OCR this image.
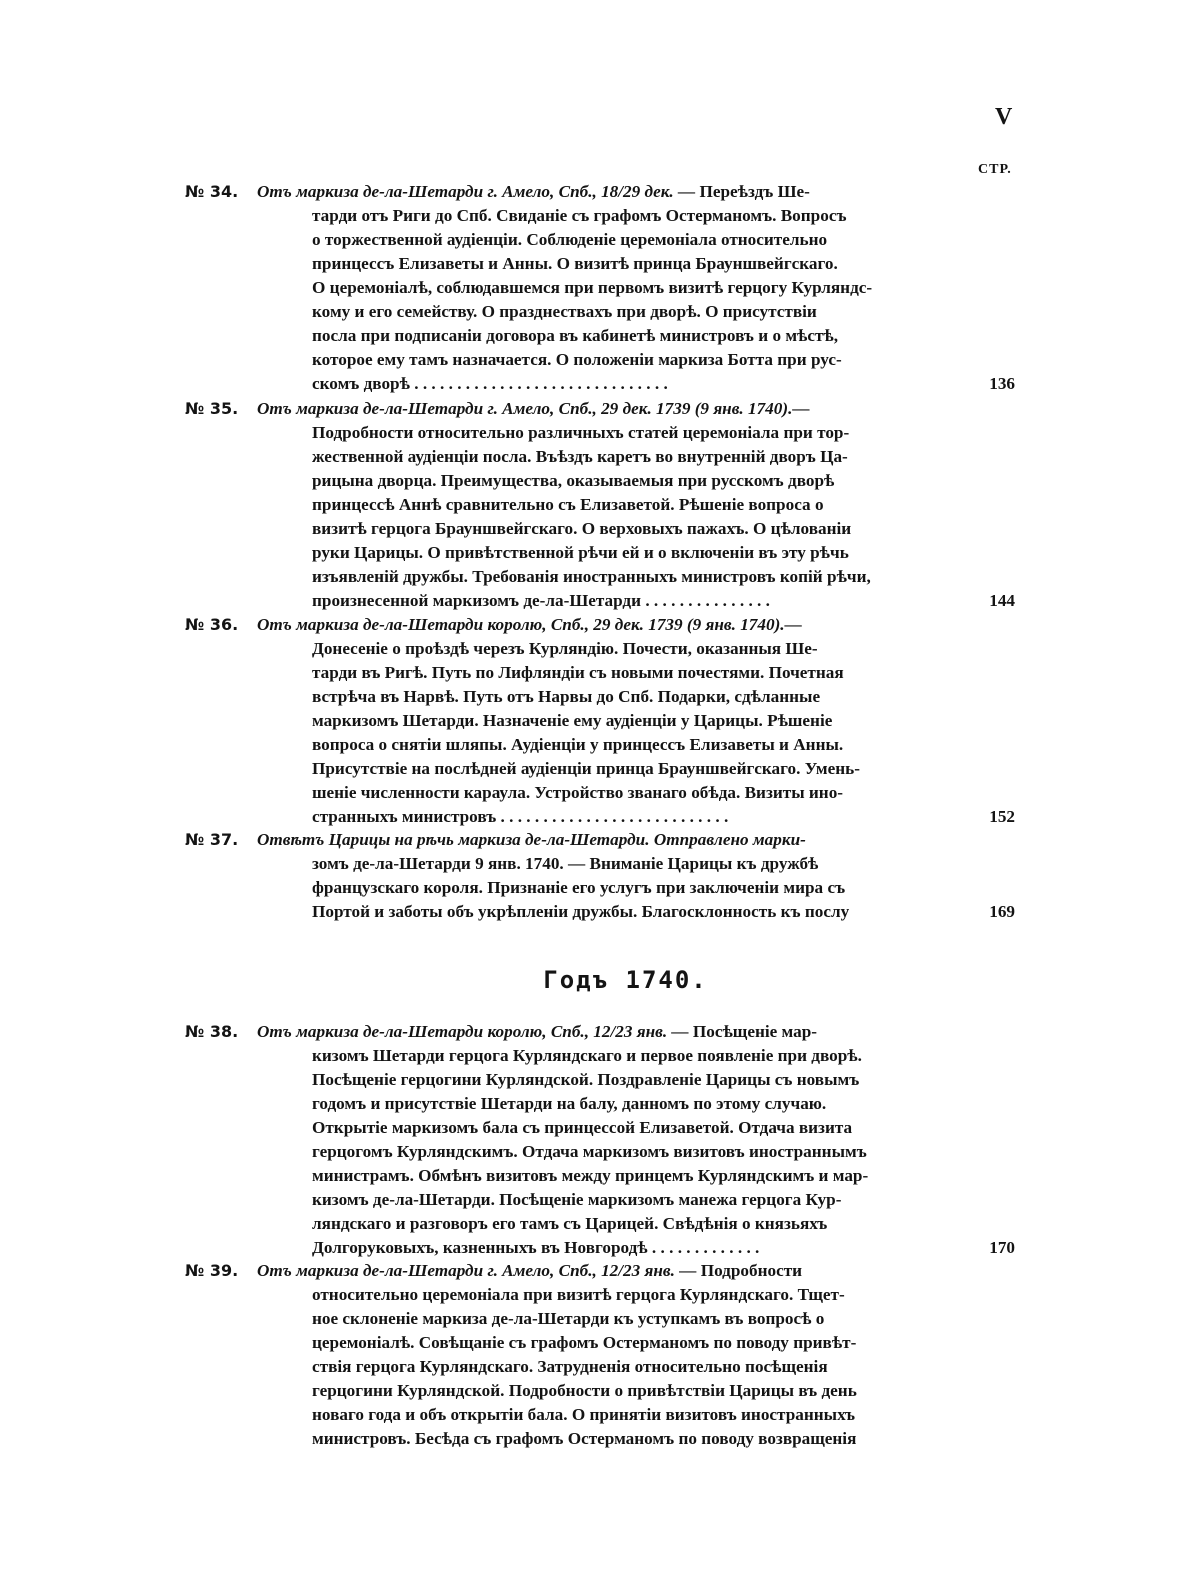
V
СТР.
№ 34. Отъ маркиза де-ла-Шетарди г. Амело, Спб., 18/29 дек. — Переѣздъ Ше-
тарди отъ Риги до Спб. Свиданіе съ графомъ Остерманомъ. Вопросъ
о торжественной аудіенціи. Соблюденіе церемоніала относительно
принцессъ Елизаветы и Анны. О визитѣ принца Брауншвейгскаго.
О церемоніалѣ, соблюдавшемся при первомъ визитѣ герцогу Курляндс-
кому и его семейству. О празднествахъ при дворѣ. О присутствіи
посла при подписаніи договора въ кабинетѣ министровъ и о мѣстѣ,
которое ему тамъ назначается. О положеніи маркиза Ботта при рус-
скомъ дворѣ . . . . . . . . . . . . . . . . . . . . . . . . . . . . . .	136
№ 35. Отъ маркиза де-ла-Шетарди г. Амело, Спб., 29 дек. 1739 (9 янв. 1740).—
Подробности относительно различныхъ статей церемоніала при тор-
жественной аудіенціи посла. Въѣздъ каретъ во внутренній дворъ Ца-
рицына дворца. Преимущества, оказываемыя при русскомъ дворѣ
принцессѣ Аннѣ сравнительно съ Елизаветой. Рѣшеніе вопроса о
визитѣ герцога Брауншвейгскаго. О верховыхъ пажахъ. О цѣлованіи
руки Царицы. О привѣтственной рѣчи ей и о включеніи въ эту рѣчь
изъявленій дружбы. Требованія иностранныхъ министровъ копій рѣчи,
произнесенной маркизомъ де-ла-Шетарди . . . . . . . . . . . . . . .	144
№ 36. Отъ маркиза де-ла-Шетарди королю, Спб., 29 дек. 1739 (9 янв. 1740).—
Донесеніе о проѣздѣ черезъ Курляндію. Почести, оказанныя Ше-
тарди въ Ригѣ. Путь по Лифляндіи съ новыми почестями. Почетная
встрѣча въ Нарвѣ. Путь отъ Нарвы до Спб. Подарки, сдѣланные
маркизомъ Шетарди. Назначеніе ему аудіенціи у Царицы. Рѣшеніе
вопроса о снятіи шляпы. Аудіенціи у принцессъ Елизаветы и Анны.
Присутствіе на послѣдней аудіенціи принца Брауншвейгскаго. Умень-
шеніе численности караула. Устройство званаго обѣда. Визиты ино-
странныхъ министровъ . . . . . . . . . . . . . . . . . . . . . . . . . . .	152
№ 37. Отвѣтъ Царицы на рѣчь маркиза де-ла-Шетарди. Отправлено марки-
зомъ де-ла-Шетарди 9 янв. 1740. — Вниманіе Царицы къ дружбѣ
французскаго короля. Признаніе его услугъ при заключеніи мира съ
Портой и заботы объ укрѣпленіи дружбы. Благосклонность къ послу	169
Годъ 1740.
№ 38. Отъ маркиза де-ла-Шетарди королю, Спб., 12/23 янв. — Посѣщеніе мар-
кизомъ Шетарди герцога Курляндскаго и первое появленіе при дворѣ.
Посѣщеніе герцогини Курляндской. Поздравленіе Царицы съ новымъ
годомъ и присутствіе Шетарди на балу, данномъ по этому случаю.
Открытіе маркизомъ бала съ принцессой Елизаветой. Отдача визита
герцогомъ Курляндскимъ. Отдача маркизомъ визитовъ иностраннымъ
министрамъ. Обмѣнъ визитовъ между принцемъ Курляндскимъ и мар-
кизомъ де-ла-Шетарди. Посѣщеніе маркизомъ манежа герцога Кур-
ляндскаго и разговоръ его тамъ съ Царицей. Свѣдѣнія о князьяхъ
Долгоруковыхъ, казненныхъ въ Новгородѣ . . . . . . . . . . . . .	170
№ 39. Отъ маркиза де-ла-Шетарди г. Амело, Спб., 12/23 янв. — Подробности
относительно церемоніала при визитѣ герцога Курляндскаго. Тщет-
ное склоненіе маркиза де-ла-Шетарди къ уступкамъ въ вопросѣ о
церемоніалѣ. Совѣщаніе съ графомъ Остерманомъ по поводу привѣт-
ствія герцога Курляндскаго. Затрудненія относительно посѣщенія
герцогини Курляндской. Подробности о привѣтствіи Царицы въ день
новаго года и объ открытіи бала. О принятіи визитовъ иностранныхъ
министровъ. Бесѣда съ графомъ Остерманомъ по поводу возвращенія
